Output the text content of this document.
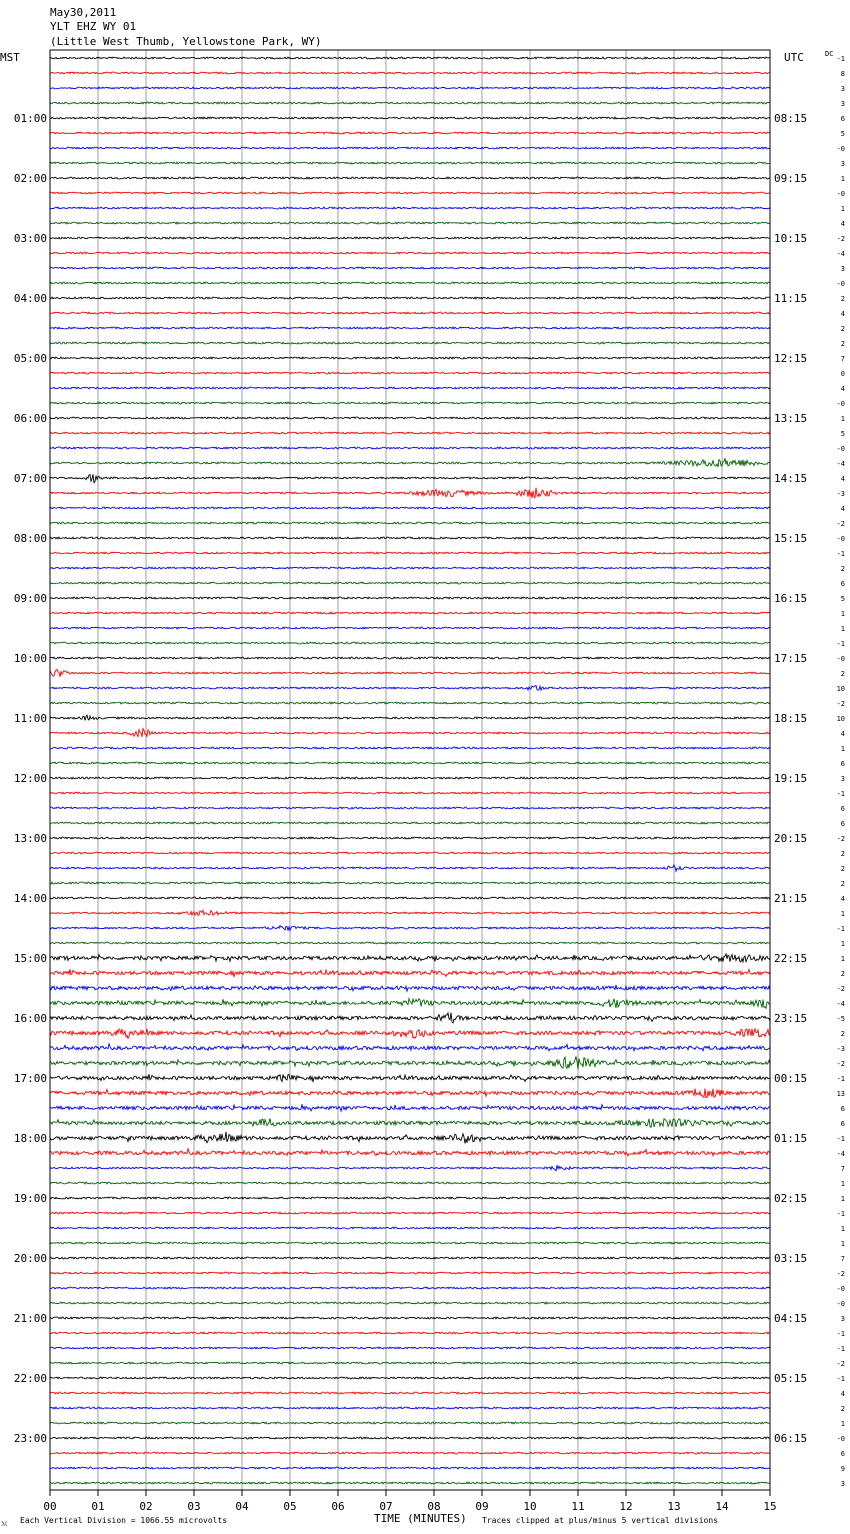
May30,2011
YLT EHZ WY 01
(Little West Thumb, Yellowstone Park, WY)
MST	UTC	DC
01:00
02:00
03:00
04:00
05:00
06:00
07:00
08:00
09:00
10:00
11:00
12:00
13:00
14:00
15:00
16:00
17:00
18:00
19:00
20:00
21:00
22:00
23:00
08:15
09:15
10:15
11:15
12:15
13:15
14:15
15:15
16:15
17:15
18:15
19:15
20:15
21:15
22:15
23:15
00:15
01:15
02:15
03:15
04:15
05:15
06:15
-1
8
3
3
6
5
-0
3
1
-0
1
4
-2
-4
3
-0
2
4
2
2
7
0
4
-0
1
5
-0
-4
4
-3
4
-2
-0
-1
2
6
5
1
1
-1
-0
2
10
-2
10
4
1
6
3
-1
6
6
-2
2
2
2
4
1
-1
1
1
2
-2
-4
-5
2
-3
-2
-1
13
6
6
-1
-4
7
1
1
-1
1
1
7
-2
-0
-0
3
-1
-1
-2
-1
4
2
1
-0
6
9
3
00	01	02	03	04	05	06	07	08	09	10	11	12	13	14	15
ℳ Each Vertical Division = 1066.55 microvolts	TIME (MINUTES) Traces clipped at plus/minus 5 vertical divisions
